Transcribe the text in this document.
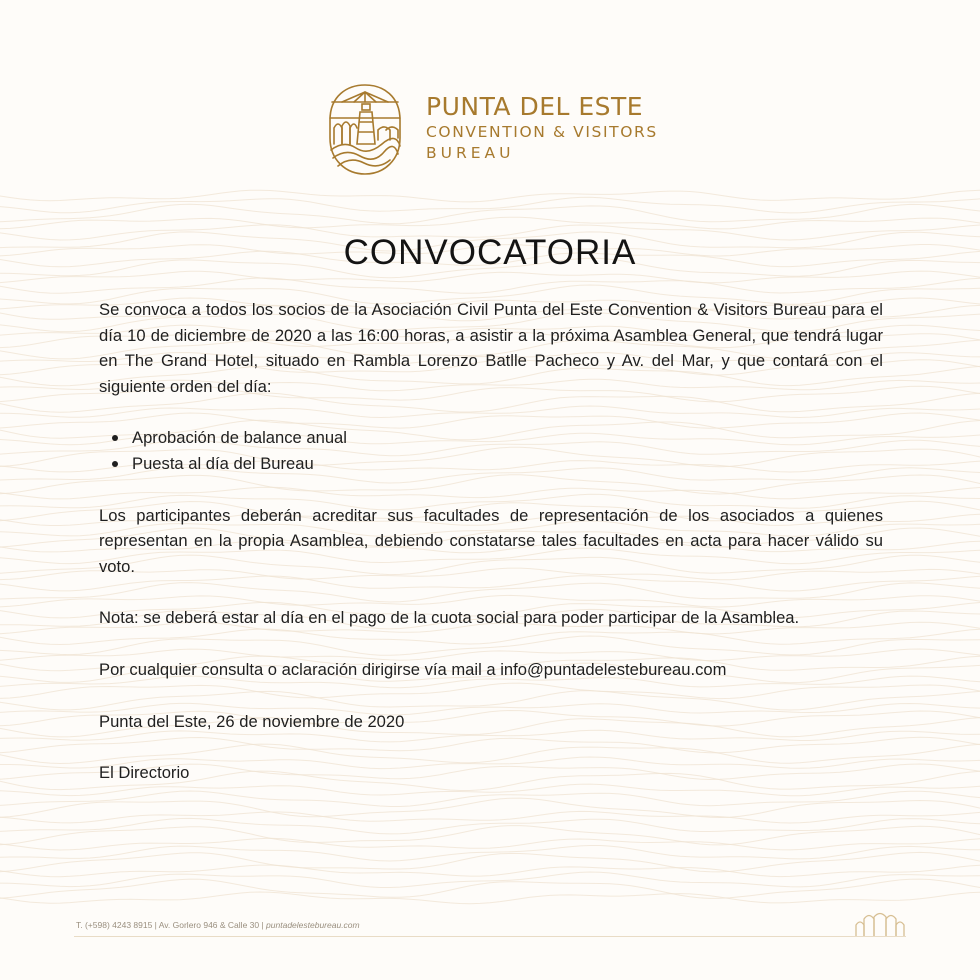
PUNTA DEL ESTE
CONVENTION & VISITORS
BUREAU
CONVOCATORIA

Se convoca a todos los socios de la Asociación Civil Punta del Este Convention & Visitors Bureau para el día 10 de diciembre de 2020 a las 16:00 horas, a asistir a la próxima Asamblea General, que tendrá lugar en The Grand Hotel, situado en Rambla Lorenzo Batlle Pacheco y Av. del Mar, y que contará con el siguiente orden del día:

Aprobación de balance anual
Puesta al día del Bureau

Los participantes deberán acreditar sus facultades de representación de los asociados a quienes representan en la propia Asamblea, debiendo constatarse tales facultades en acta para hacer válido su voto.

Nota: se deberá estar al día en el pago de la cuota social para poder participar de la Asamblea.

Por cualquier consulta o aclaración dirigirse vía mail a info@puntadelestebureau.com

Punta del Este, 26 de noviembre de 2020

El Directorio

T. (+598) 4243 8915 | Av. Gorlero 946 & Calle 30 | puntadelestebureau.com
